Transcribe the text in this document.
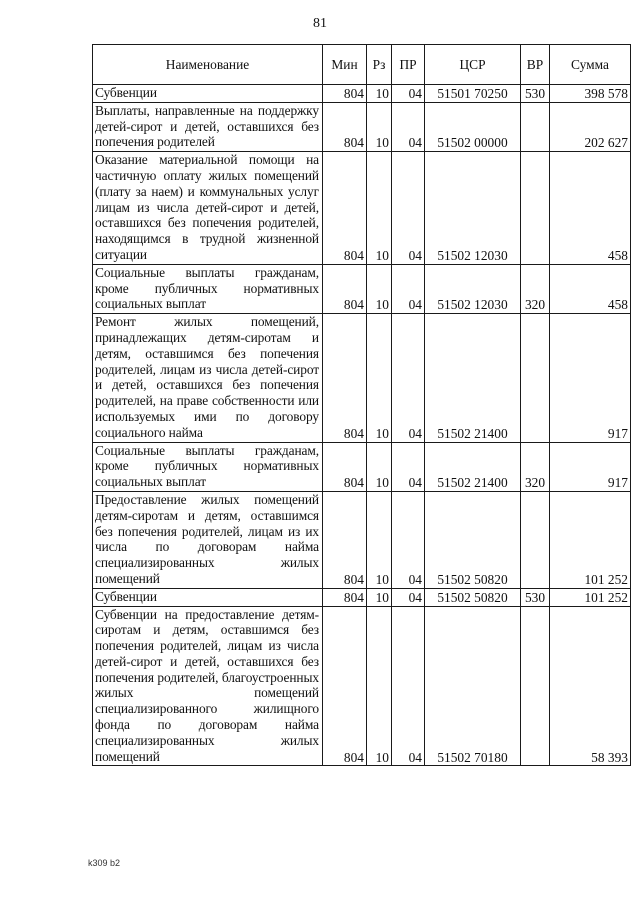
81
Наименование	Мин	Рз	ПР	ЦСР	ВР	Сумма
Субвенции	804	10	04	51501 70250	530	398 578
Выплаты, направленные на поддержку детей-сирот и детей, оставшихся без попечения родителей	804	10	04	51502 00000		202 627
Оказание материальной помощи на частичную оплату жилых помещений (плату за наем) и коммунальных услуг лицам из числа детей-сирот и детей, оставшихся без попечения родителей, находящимся в трудной жизненной ситуации	804	10	04	51502 12030		458
Социальные выплаты гражданам, кроме публичных нормативных социальных выплат	804	10	04	51502 12030	320	458
Ремонт жилых помещений, принадлежащих детям-сиротам и детям, оставшимся без попечения родителей, лицам из числа детей-сирот и детей, оставшихся без попечения родителей, на праве собственности или используемых ими по договору социального найма	804	10	04	51502 21400		917
Социальные выплаты гражданам, кроме публичных нормативных социальных выплат	804	10	04	51502 21400	320	917
Предоставление жилых помещений детям-сиротам и детям, оставшимся без попечения родителей, лицам из их числа по договорам найма специализированных жилых помещений	804	10	04	51502 50820		101 252
Субвенции	804	10	04	51502 50820	530	101 252
Субвенции на предоставление детям-сиротам и детям, оставшимся без попечения родителей, лицам из числа детей-сирот и детей, оставшихся без попечения родителей, благоустроенных жилых помещений специализированного жилищного фонда по договорам найма специализированных жилых помещений	804	10	04	51502 70180		58 393
k309 b2
